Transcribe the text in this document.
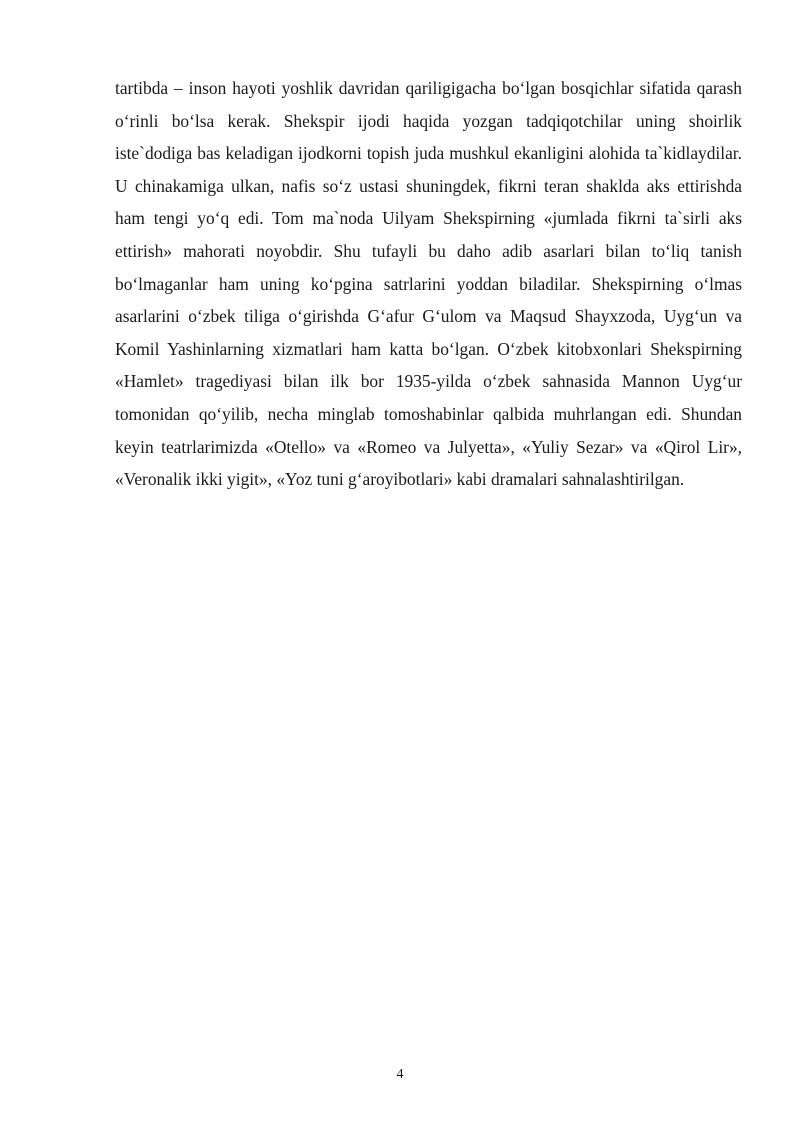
tartibda – inson hayoti yoshlik davridan qariligigacha bo‘lgan bosqichlar sifatida qarash o‘rinli bo‘lsa kerak. Shekspir ijodi haqida yozgan tadqiqotchilar uning shoirlik iste`dodiga bas keladigan ijodkorni topish juda mushkul ekanligini alohida ta`kidlaydilar. U chinakamiga ulkan, nafis so‘z ustasi shuningdek, fikrni teran shaklda aks ettirishda ham tengi yo‘q edi. Tom ma`noda Uilyam Shekspirning «jumlada fikrni ta`sirli aks ettirish» mahorati noyobdir. Shu tufayli bu daho adib asarlari bilan to‘liq tanish bo‘lmaganlar ham uning ko‘pgina satrlarini yoddan biladilar. Shekspirning o‘lmas asarlarini o‘zbek tiliga o‘girishda G‘afur G‘ulom va Maqsud Shayxzoda, Uyg‘un va Komil Yashinlarning xizmatlari ham katta bo‘lgan. O‘zbek kitobxonlari Shekspirning «Hamlet» tragediyasi bilan ilk bor 1935-yilda o‘zbek sahnasida Mannon Uyg‘ur tomonidan qo‘yilib, necha minglab tomoshabinlar qalbida muhrlangan edi. Shundan keyin teatrlarimizda «Otello» va «Romeo va Julyetta», «Yuliy Sezar» va «Qirol Lir», «Veronalik ikki yigit», «Yoz tuni g‘aroyibotlari» kabi dramalari sahnalashtirilgan.

4
